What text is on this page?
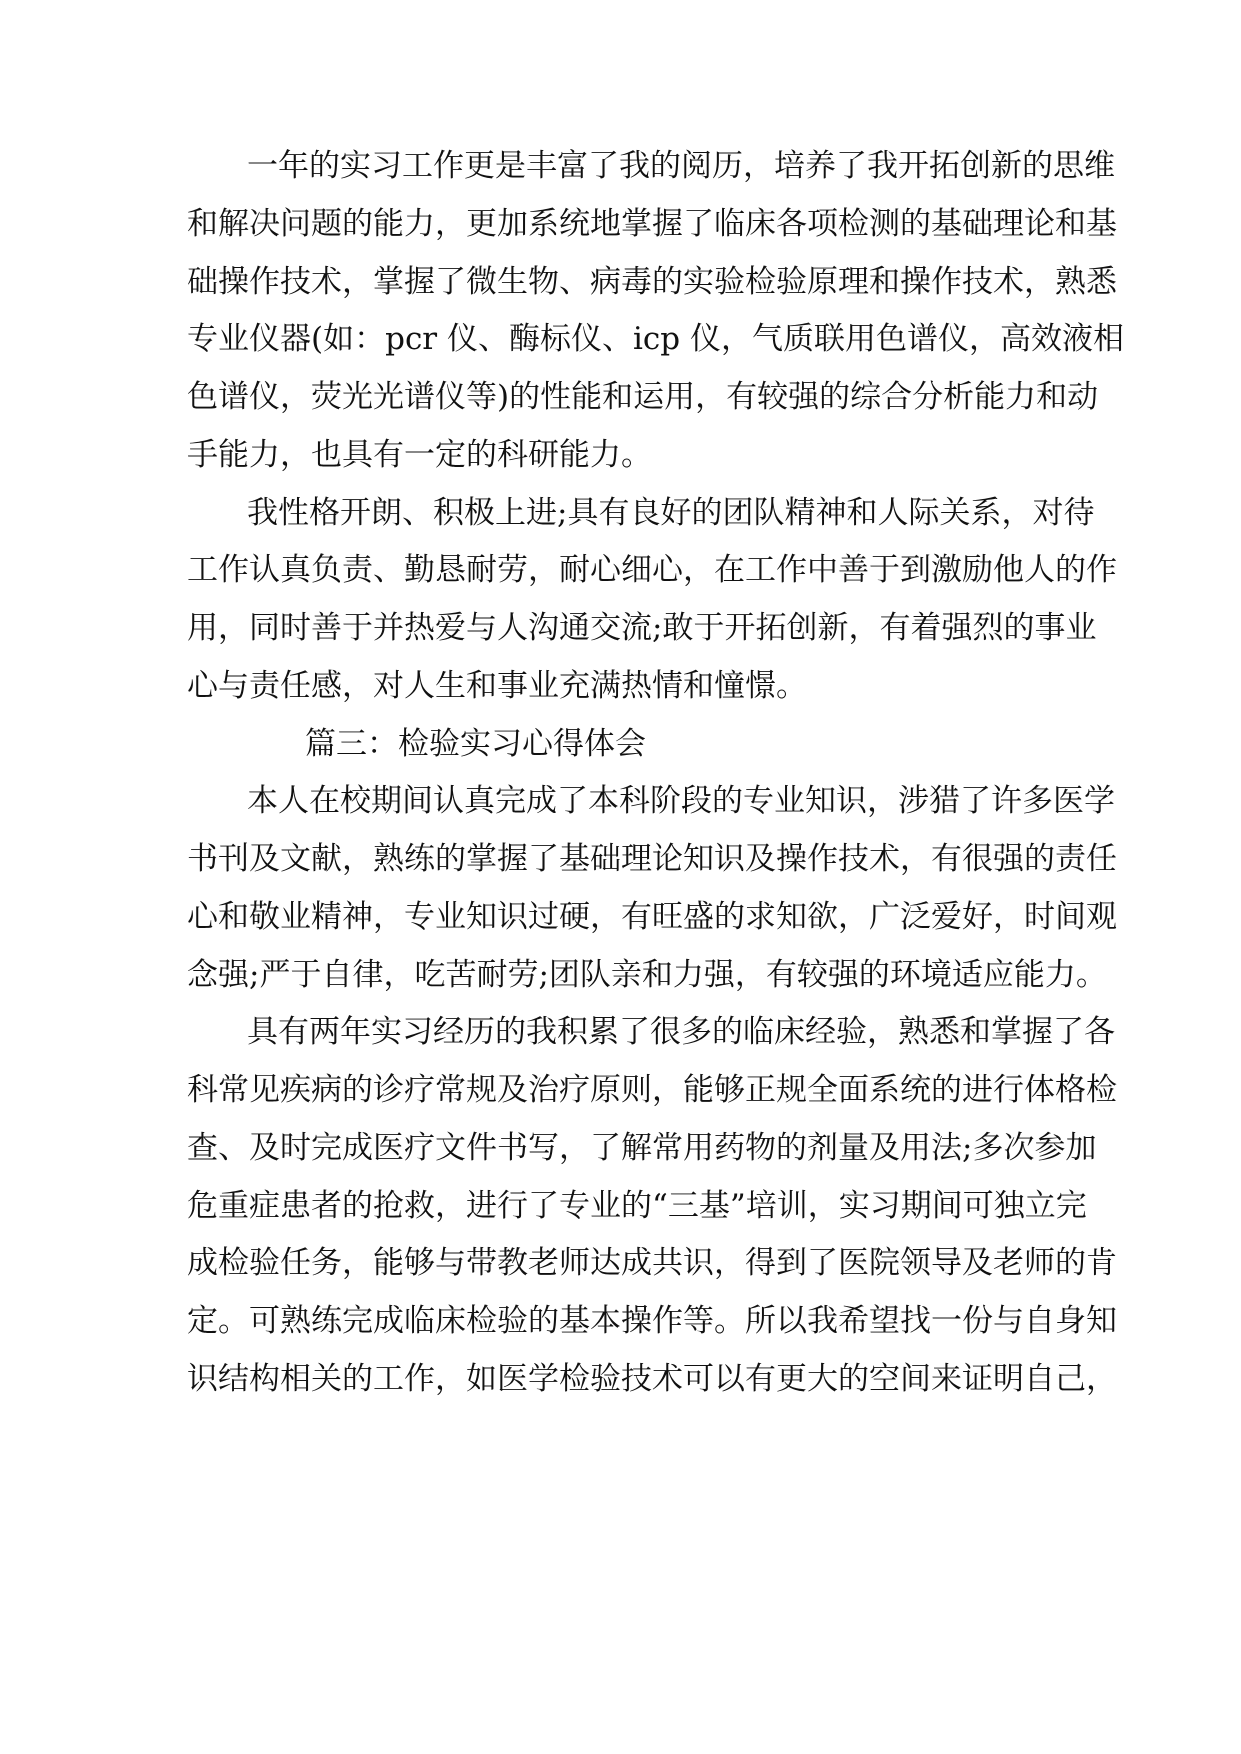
一年的实习工作更是丰富了我的阅历，培养了我开拓创新的思维
和解决问题的能力，更加系统地掌握了临床各项检测的基础理论和基
础操作技术，掌握了微生物、病毒的实验检验原理和操作技术，熟悉
专业仪器(如：pcr 仪、酶标仪、icp 仪，气质联用色谱仪，高效液相
色谱仪，荧光光谱仪等)的性能和运用，有较强的综合分析能力和动
手能力，也具有一定的科研能力。
我性格开朗、积极上进;具有良好的团队精神和人际关系，对待
工作认真负责、勤恳耐劳，耐心细心，在工作中善于到激励他人的作
用，同时善于并热爱与人沟通交流;敢于开拓创新，有着强烈的事业
心与责任感，对人生和事业充满热情和憧憬。
篇三：检验实习心得体会
本人在校期间认真完成了本科阶段的专业知识，涉猎了许多医学
书刊及文献，熟练的掌握了基础理论知识及操作技术，有很强的责任
心和敬业精神，专业知识过硬，有旺盛的求知欲，广泛爱好，时间观
念强;严于自律，吃苦耐劳;团队亲和力强，有较强的环境适应能力。
具有两年实习经历的我积累了很多的临床经验，熟悉和掌握了各
科常见疾病的诊疗常规及治疗原则，能够正规全面系统的进行体格检
查、及时完成医疗文件书写，了解常用药物的剂量及用法;多次参加
危重症患者的抢救，进行了专业的“三基”培训，实习期间可独立完
成检验任务，能够与带教老师达成共识，得到了医院领导及老师的肯
定。可熟练完成临床检验的基本操作等。所以我希望找一份与自身知
识结构相关的工作，如医学检验技术可以有更大的空间来证明自己，
